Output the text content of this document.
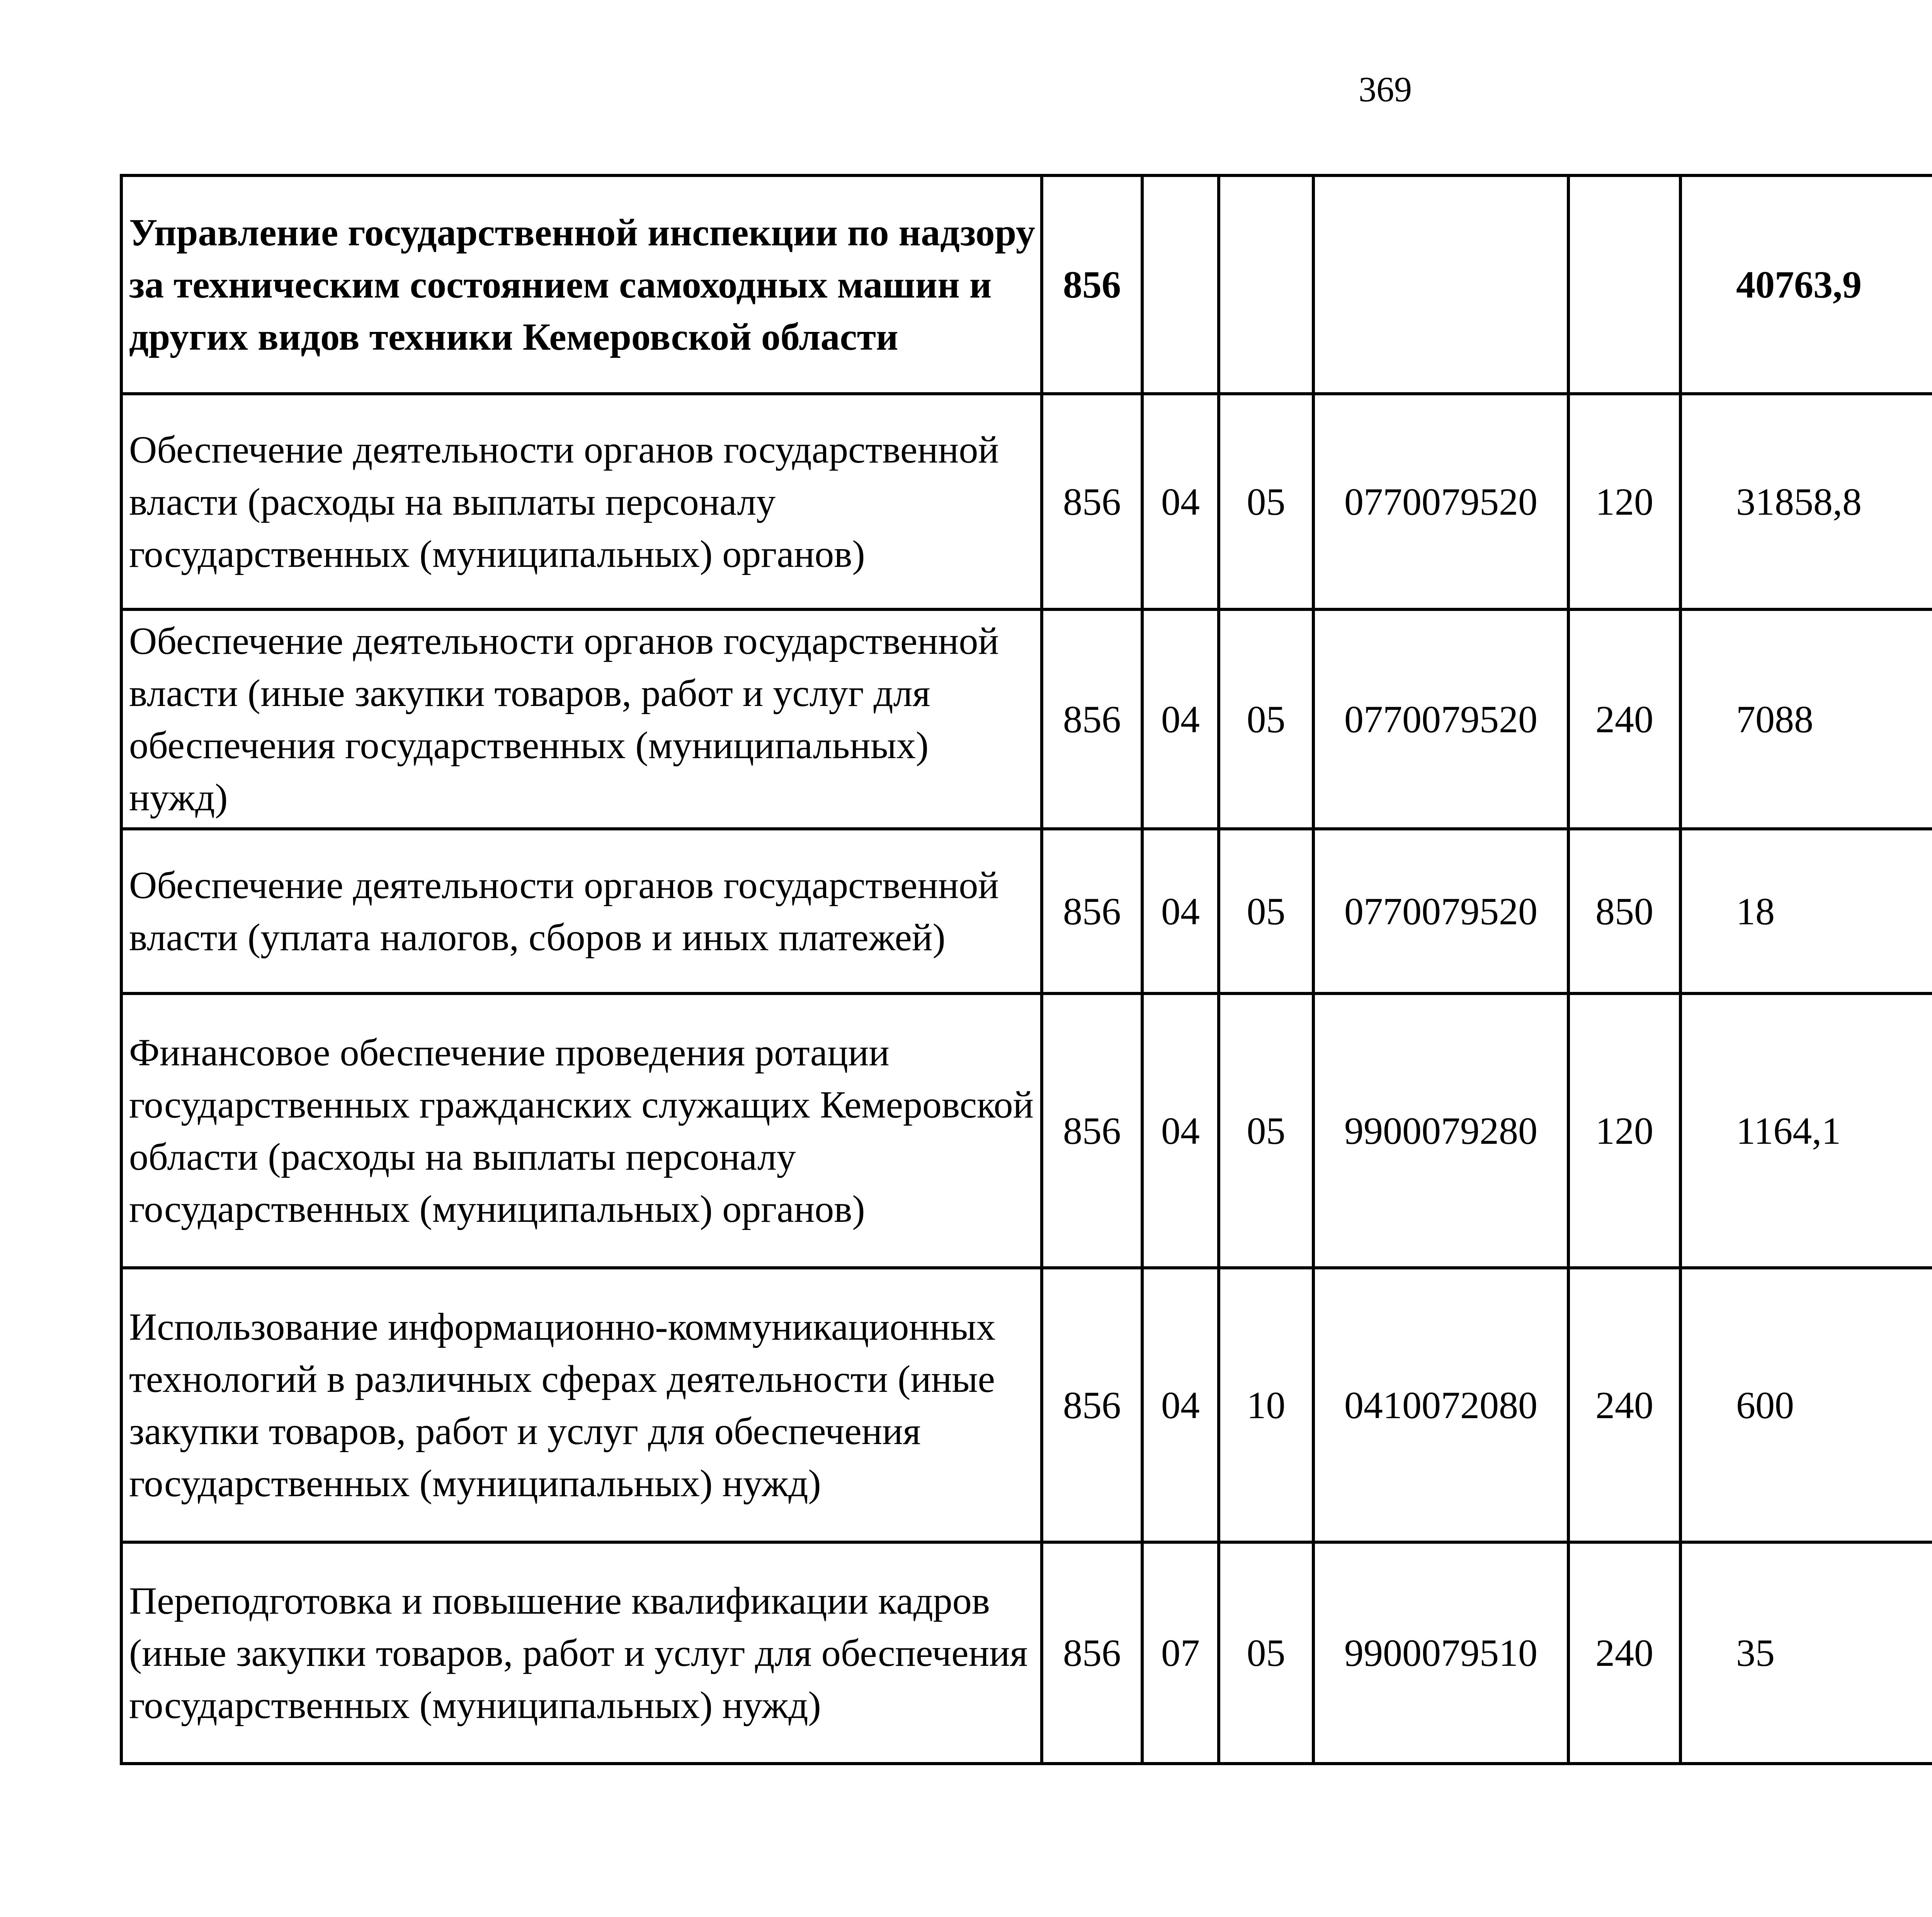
369
Управление государственной инспекции по надзору за техническим состоянием самоходных машин и других видов техники Кемеровской области	856					40763,9		
Обеспечение деятельности органов государственной власти (расходы на выплаты персоналу государственных (муниципальных) органов)	856	04	05	0770079520	120	31858,8		
Обеспечение деятельности органов государственной власти (иные закупки товаров, работ и услуг для обеспечения государственных (муниципальных) нужд)	856	04	05	0770079520	240	7088		
Обеспечение деятельности органов государственной власти (уплата налогов, сборов и иных платежей)	856	04	05	0770079520	850	18		
Финансовое обеспечение проведения ротации государственных гражданских служащих Кемеровской области (расходы на выплаты персоналу государственных (муниципальных) органов)	856	04	05	9900079280	120	1164,1		
Использование информационно-коммуникационных технологий в различных сферах деятельности (иные закупки товаров, работ и услуг для обеспечения государственных (муниципальных) нужд)	856	04	10	0410072080	240	600		
Переподготовка и повышение квалификации кадров (иные закупки товаров, работ и услуг для обеспечения государственных (муниципальных) нужд)	856	07	05	9900079510	240	35		
